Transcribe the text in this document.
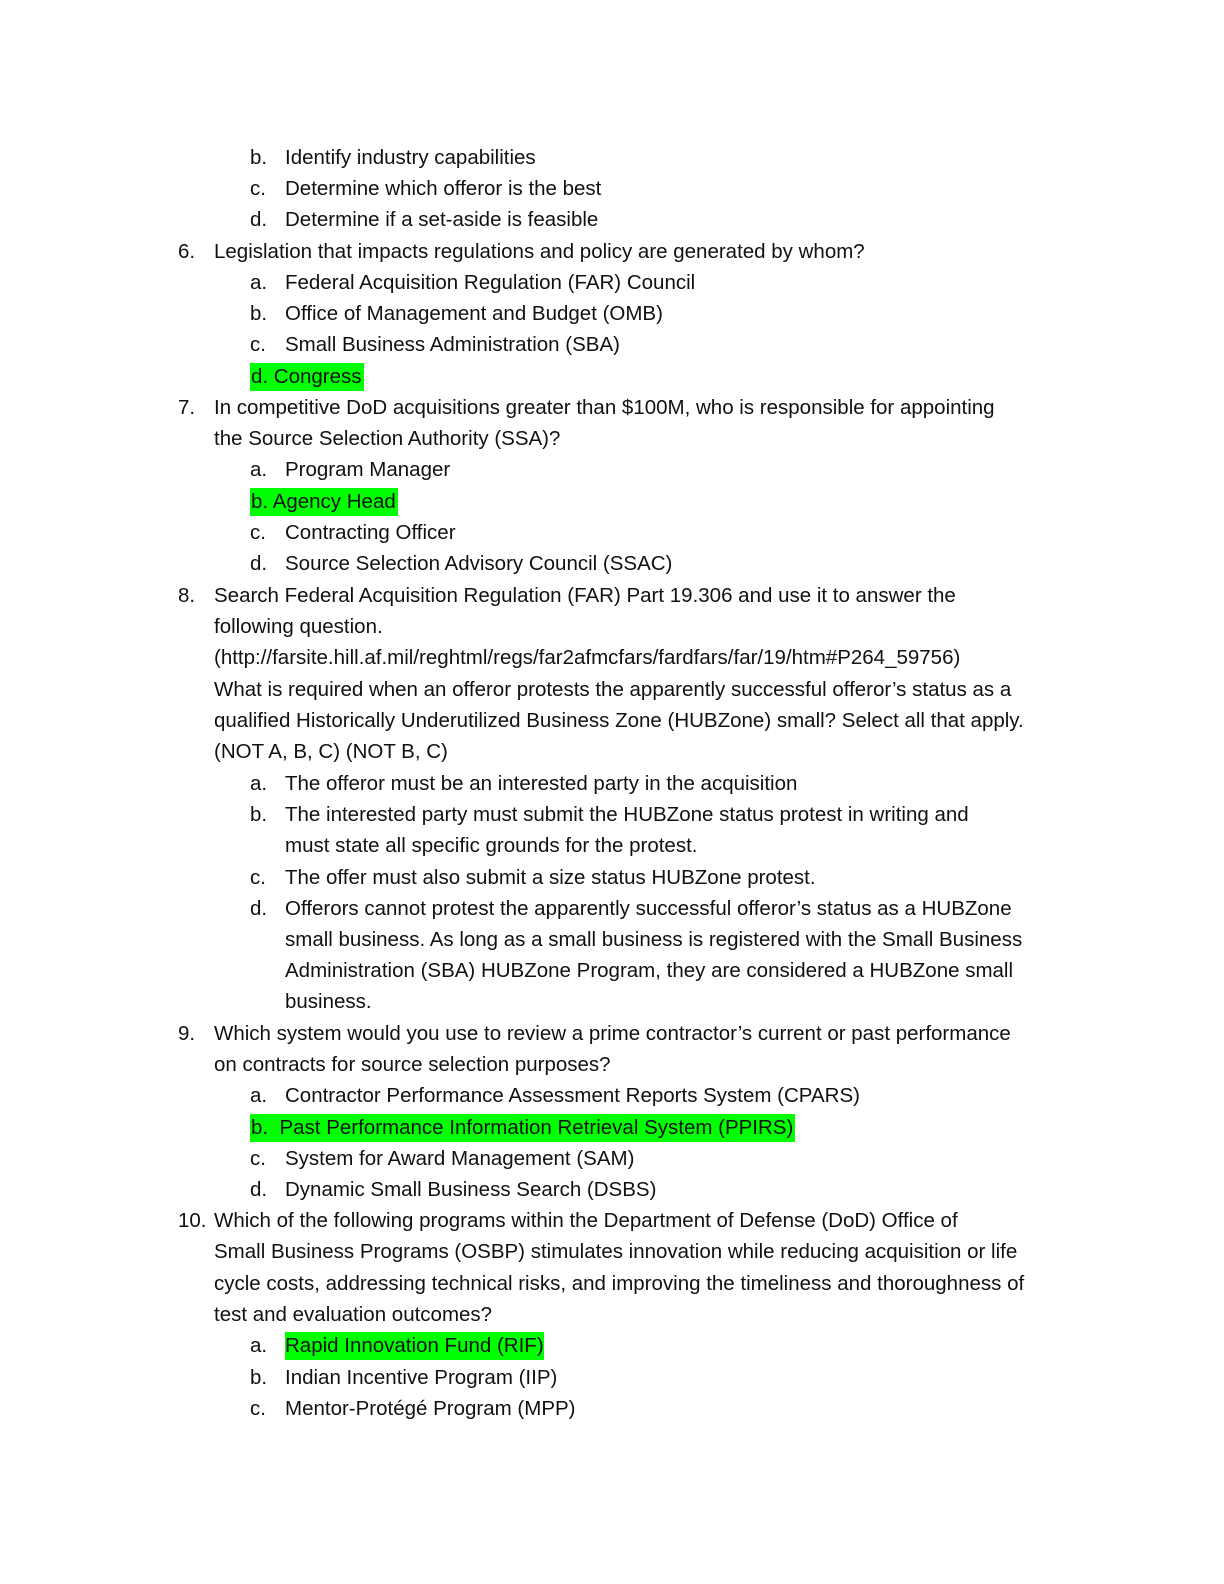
b. Identify industry capabilities
c. Determine which offeror is the best
d. Determine if a set-aside is feasible
6. Legislation that impacts regulations and policy are generated by whom?
a. Federal Acquisition Regulation (FAR) Council
b. Office of Management and Budget (OMB)
c. Small Business Administration (SBA)
d. Congress
7. In competitive DoD acquisitions greater than $100M, who is responsible for appointing
the Source Selection Authority (SSA)?
a. Program Manager
b. Agency Head
c. Contracting Officer
d. Source Selection Advisory Council (SSAC)
8. Search Federal Acquisition Regulation (FAR) Part 19.306 and use it to answer the
following question.
(http://farsite.hill.af.mil/reghtml/regs/far2afmcfars/fardfars/far/19/htm#P264_59756)
What is required when an offeror protests the apparently successful offeror’s status as a
qualified Historically Underutilized Business Zone (HUBZone) small? Select all that apply.
(NOT A, B, C) (NOT B, C)
a. The offeror must be an interested party in the acquisition
b. The interested party must submit the HUBZone status protest in writing and
must state all specific grounds for the protest.
c. The offer must also submit a size status HUBZone protest.
d. Offerors cannot protest the apparently successful offeror’s status as a HUBZone
small business. As long as a small business is registered with the Small Business
Administration (SBA) HUBZone Program, they are considered a HUBZone small
business.
9. Which system would you use to review a prime contractor’s current or past performance
on contracts for source selection purposes?
a. Contractor Performance Assessment Reports System (CPARS)
b.  Past Performance Information Retrieval System (PPIRS)
c. System for Award Management (SAM)
d. Dynamic Small Business Search (DSBS)
10. Which of the following programs within the Department of Defense (DoD) Office of
Small Business Programs (OSBP) stimulates innovation while reducing acquisition or life
cycle costs, addressing technical risks, and improving the timeliness and thoroughness of
test and evaluation outcomes?
a. Rapid Innovation Fund (RIF)
b. Indian Incentive Program (IIP)
c. Mentor-Protégé Program (MPP)
